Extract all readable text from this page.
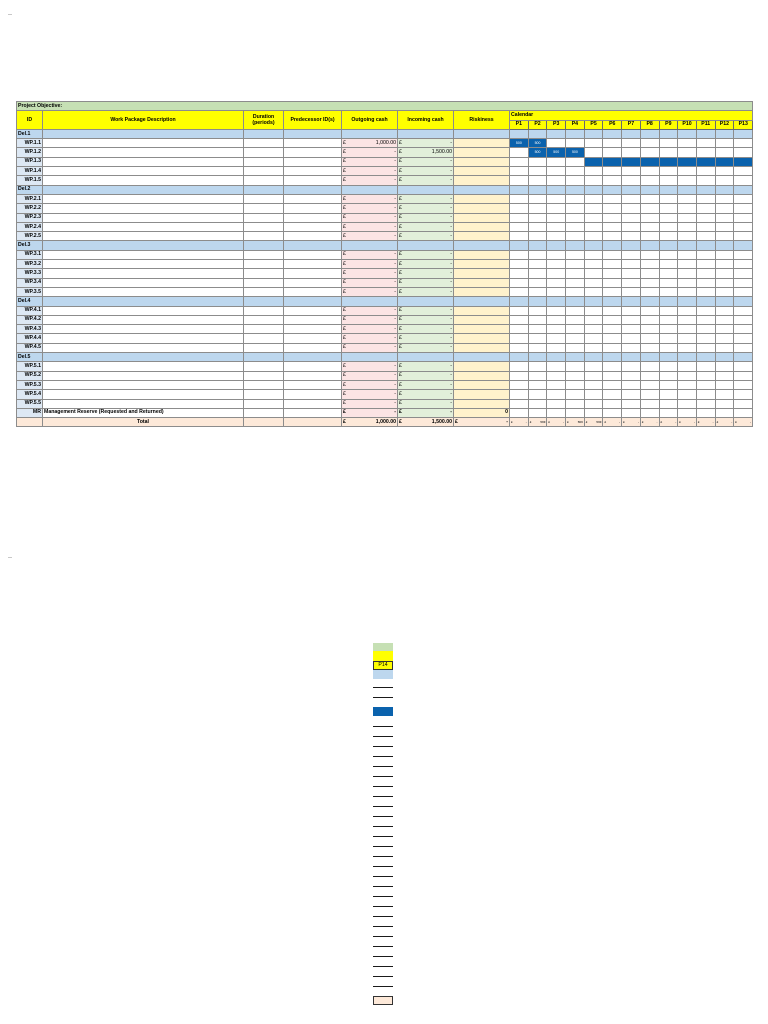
Project Objective:																			
ID	Work Package Description	Duration (periods)	Predecessor ID(s)	Outgoing cash	Incoming cash	Riskiness	Calendar												
							P1	P2	P3	P4	P5	P6	P7	P8	P9	P10	P11	P12	P13
Del.1																			
WP.1.1				£ 1,000.00	£ -		500	500											
WP.1.2				£ -	£ 1,500.00			500	500	500									
WP.1.3				£ -	£ -														

WP.1.4				£ -	£ -														

WP.1.5				£ -	£ -														

Del.2																			
WP.2.1				£ -	£ -														

WP.2.2				£ -	£ -														

WP.2.3				£ -	£ -														

WP.2.4				£ -	£ -														

WP.2.5				£ -	£ -														

Del.3																			
WP.3.1				£ -	£ -														

WP.3.2				£ -	£ -														

WP.3.3				£ -	£ -														

WP.3.4				£ -	£ -														

WP.3.5				£ -	£ -														

Del.4																			
WP.4.1				£ -	£ -														

WP.4.2				£ -	£ -														

WP.4.3				£ -	£ -														

WP.4.4				£ -	£ -														

WP.4.5				£ -	£ -														

Del.5																			
WP.5.1				£ -	£ -														

WP.5.2				£ -	£ -														

WP.5.3				£ -	£ -														

WP.5.4				£ -	£ -														

WP.5.5				£ -	£ -														

MR	Management Reserve (Requested and Returned)			£ -	£ -	0													
	Total			£ 1,000.00	£ 1,500.00	£ -	£ -	£ 500	£ -	£ 500	£ 500	£ -	£ -	£ -	£ -	£ -	£ -	£ -	£ -
P14
